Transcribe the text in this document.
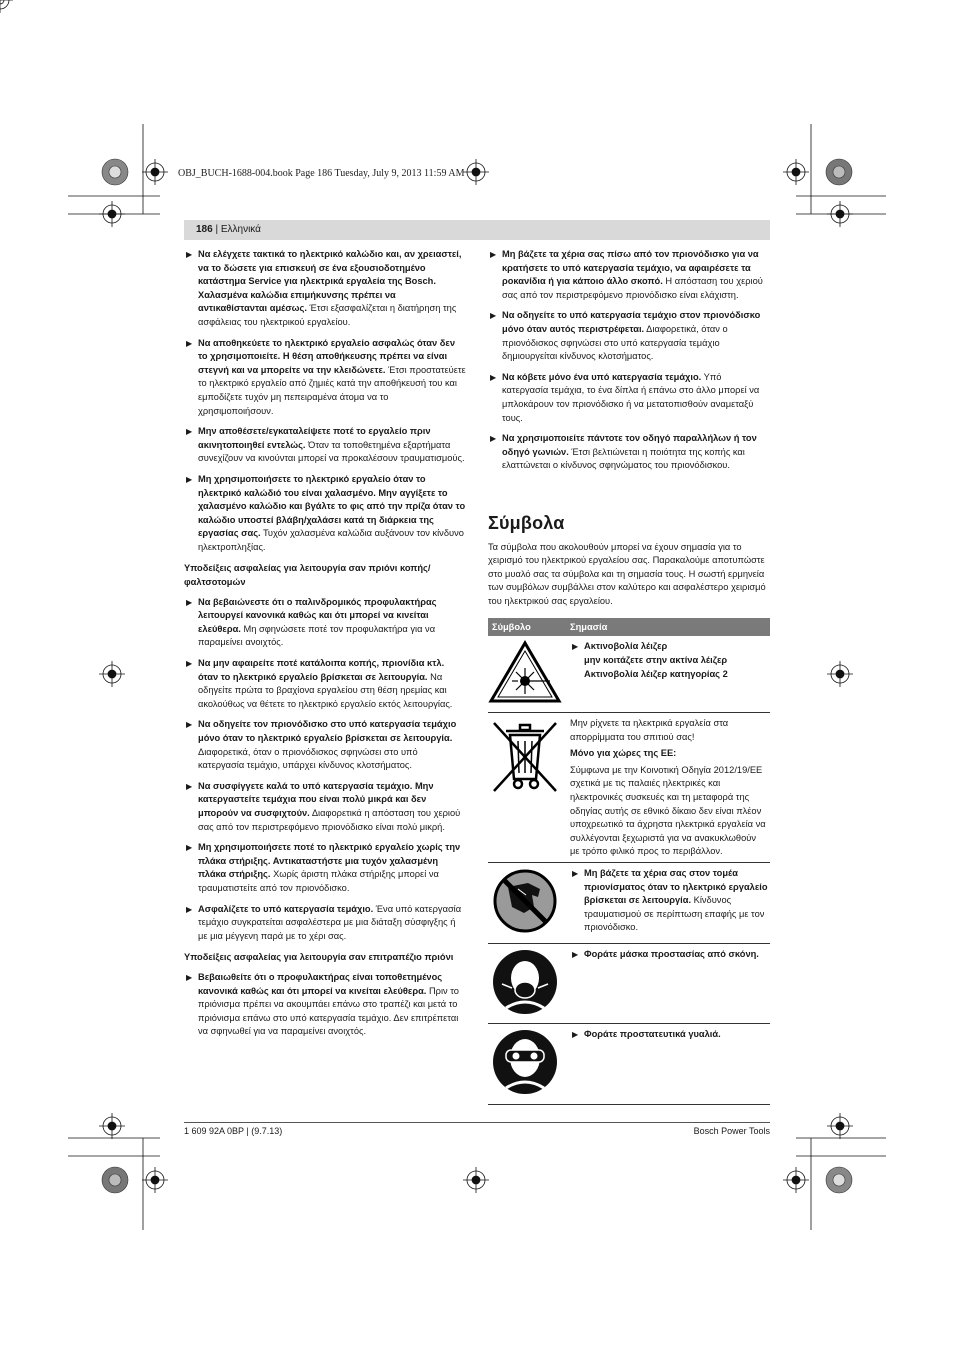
OBJ_BUCH-1688-004.book Page 186 Tuesday, July 9, 2013 11:59 AM
186 | Ελληνικά
▶ Να ελέγχετε τακτικά το ηλεκτρικό καλώδιο και, αν χρειαστεί, να το δώσετε για επισκευή σε ένα εξουσιοδοτημένο κατάστημα Service για ηλεκτρικά εργαλεία της Bosch. Χαλασμένα καλώδια επιμήκυνσης πρέπει να αντικαθίστανται αμέσως. Έτσι εξασφαλίζεται η διατήρηση της ασφάλειας του ηλεκτρικού εργαλείου.
▶ Να αποθηκεύετε το ηλεκτρικό εργαλείο ασφαλώς όταν δεν το χρησιμοποιείτε. Η θέση αποθήκευσης πρέπει να είναι στεγνή και να μπορείτε να την κλειδώνετε. Έτσι προστατεύετε το ηλεκτρικό εργαλείο από ζημιές κατά την αποθήκευσή του και εμποδίζετε τυχόν μη πεπειραμένα άτομα να το χρησιμοποιήσουν.
▶ Μην αποθέσετε/εγκαταλείψετε ποτέ το εργαλείο πριν ακινητοποιηθεί εντελώς. Όταν τα τοποθετημένα εξαρτήματα συνεχίζουν να κινούνται μπορεί να προκαλέσουν τραυματισμούς.
▶ Μη χρησιμοποιήσετε το ηλεκτρικό εργαλείο όταν το ηλεκτρικό καλώδιό του είναι χαλασμένο. Μην αγγίξετε το χαλασμένο καλώδιο και βγάλτε το φις από την πρίζα όταν το καλώδιο υποστεί βλάβη/χαλάσει κατά τη διάρκεια της εργασίας σας. Τυχόν χαλασμένα καλώδια αυξάνουν τον κίνδυνο ηλεκτροπληξίας.
Υποδείξεις ασφαλείας για λειτουργία σαν πριόνι κοπής/φαλτσοτομών
▶ Να βεβαιώνεστε ότι ο παλινδρομικός προφυλακτήρας λειτουργεί κανονικά καθώς και ότι μπορεί να κινείται ελεύθερα. Μη σφηνώσετε ποτέ τον προφυλακτήρα για να παραμείνει ανοιχτός.
▶ Να μην αφαιρείτε ποτέ κατάλοιπα κοπής, πριονίδια κτλ. όταν το ηλεκτρικό εργαλείο βρίσκεται σε λειτουργία. Να οδηγείτε πρώτα το βραχίονα εργαλείου στη θέση ηρεμίας και ακολούθως να θέτετε το ηλεκτρικό εργαλείο εκτός λειτουργίας.
▶ Να οδηγείτε τον πριονόδισκο στο υπό κατεργασία τεμάχιο μόνο όταν το ηλεκτρικό εργαλείο βρίσκεται σε λειτουργία. Διαφορετικά, όταν ο πριονόδισκος σφηνώσει στο υπό κατεργασία τεμάχιο, υπάρχει κίνδυνος κλοτσήματος.
▶ Να συσφίγγετε καλά το υπό κατεργασία τεμάχιο. Μην κατεργαστείτε τεμάχια που είναι πολύ μικρά και δεν μπορούν να συσφιχτούν. Διαφορετικά η απόσταση του χεριού σας από τον περιστρεφόμενο πριονόδισκο είναι πολύ μικρή.
▶ Μη χρησιμοποιήσετε ποτέ το ηλεκτρικό εργαλείο χωρίς την πλάκα στήριξης. Αντικαταστήστε μια τυχόν χαλασμένη πλάκα στήριξης. Χωρίς άριστη πλάκα στήριξης μπορεί να τραυματιστείτε από τον πριονόδισκο.
▶ Ασφαλίζετε το υπό κατεργασία τεμάχιο. Ένα υπό κατεργασία τεμάχιο συγκρατείται ασφαλέστερα με μια διάταξη σύσφιγξης ή με μια μέγγενη παρά με το χέρι σας.
Υποδείξεις ασφαλείας για λειτουργία σαν επιτραπέζιο πριόνι
▶ Βεβαιωθείτε ότι ο προφυλακτήρας είναι τοποθετημένος κανονικά καθώς και ότι μπορεί να κινείται ελεύθερα. Πριν το πριόνισμα πρέπει να ακουμπάει επάνω στο τραπέζι και μετά το πριόνισμα επάνω στο υπό κατεργασία τεμάχιο. Δεν επιτρέπεται να σφηνωθεί για να παραμείνει ανοιχτός.
▶ Μη βάζετε τα χέρια σας πίσω από τον πριονόδισκο για να κρατήσετε το υπό κατεργασία τεμάχιο, να αφαιρέσετε τα ροκανίδια ή για κάποιο άλλο σκοπό. Η απόσταση του χεριού σας από τον περιστρεφόμενο πριονόδισκο είναι ελάχιστη.
▶ Να οδηγείτε το υπό κατεργασία τεμάχιο στον πριονόδισκο μόνο όταν αυτός περιστρέφεται. Διαφορετικά, όταν ο πριονόδισκος σφηνώσει στο υπό κατεργασία τεμάχιο δημιουργείται κίνδυνος κλοτσήματος.
▶ Να κόβετε μόνο ένα υπό κατεργασία τεμάχιο. Υπό κατεργασία τεμάχια, το ένα δίπλα ή επάνω στο άλλο μπορεί να μπλοκάρουν τον πριονόδισκο ή να μετατοπισθούν αναμεταξύ τους.
▶ Να χρησιμοποιείτε πάντοτε τον οδηγό παραλλήλων ή τον οδηγό γωνιών. Έτσι βελτιώνεται η ποιότητα της κοπής και ελαττώνεται ο κίνδυνος σφηνώματος του πριονόδισκου.
Σύμβολα
Τα σύμβολα που ακολουθούν μπορεί να έχουν σημασία για το χειρισμό του ηλεκτρικού εργαλείου σας. Παρακαλούμε αποτυπώστε στο μυαλό σας τα σύμβολα και τη σημασία τους. Η σωστή ερμηνεία των συμβόλων συμβάλλει στον καλύτερο και ασφαλέστερο χειρισμό του ηλεκτρικού σας εργαλείου.
Σύμβολο	Σημασία

▶ Ακτινοβολία λέιζερ
μην κοιτάζετε στην ακτίνα λέιζερ
Ακτινοβολία λέιζερ κατηγορίας 2

Μην ρίχνετε τα ηλεκτρικά εργαλεία στα απορρίμματα του σπιτιού σας!
Μόνο για χώρες της ΕΕ:
Σύμφωνα με την Κοινοτική Οδηγία 2012/19/ΕΕ σχετικά με τις παλαιές ηλεκτρικές και ηλεκτρονικές συσκευές και τη μεταφορά της οδηγίας αυτής σε εθνικό δίκαιο δεν είναι πλέον υποχρεωτικό τα άχρηστα ηλεκτρικά εργαλεία να συλλέγονται ξεχωριστά για να ανακυκλωθούν με τρόπο φιλικό προς το περιβάλλον.

▶ Μη βάζετε τα χέρια σας στον τομέα πριονίσματος όταν το ηλεκτρικό εργαλείο βρίσκεται σε λειτουργία. Κίνδυνος τραυματισμού σε περίπτωση επαφής με τον πριονόδισκο.

▶ Φοράτε μάσκα προστασίας από σκόνη.

▶ Φοράτε προστατευτικά γυαλιά.
1 609 92A 0BP | (9.7.13)	Bosch Power Tools
